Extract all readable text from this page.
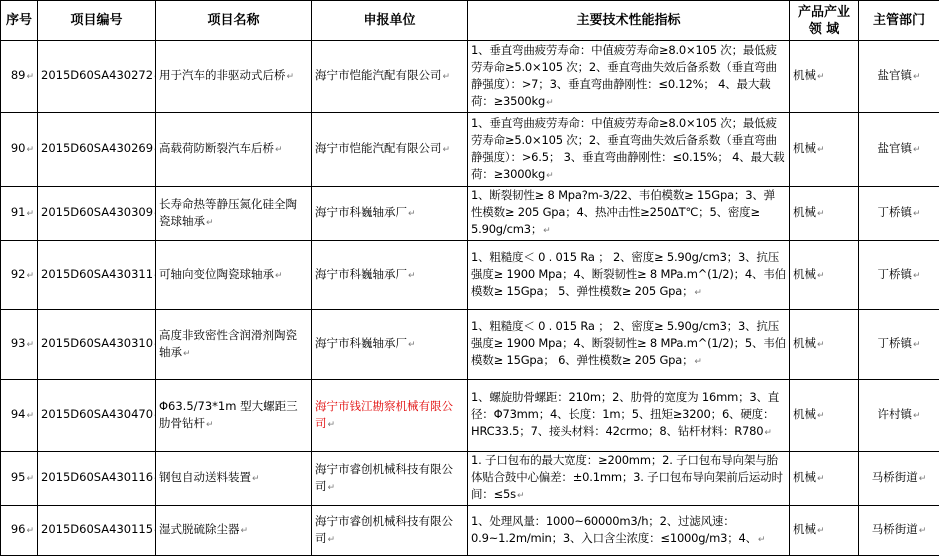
序号	项目编号	项目名称	申报单位	主要技术性能指标	产品产业领 域	主管部门
89↵	2015D60SA430272	用于汽车的非驱动式后桥↵	海宁市恺能汽配有限公司↵	1、垂直弯曲疲劳寿命：中值疲劳寿命≥8.0×105 次；最低疲劳寿命≥5.0×105 次；2、垂直弯曲失效后备系数（垂直弯曲静强度）：>7；3、垂直弯曲静刚性：≤0.12%； 4、最大载荷：≥3500kg↵	机械↵	盐官镇↵
90↵	2015D60SA430269	高载荷防断裂汽车后桥↵	海宁市恺能汽配有限公司↵	1、垂直弯曲疲劳寿命：中值疲劳寿命≥8.0×105 次；最低疲劳寿命≥5.0×105 次；2、垂直弯曲失效后备系数（垂直弯曲静强度）：>6.5； 3、垂直弯曲静刚性：≤0.15%； 4、最大载荷：≥3000kg↵	机械↵	盐官镇↵
91↵	2015D60SA430309	长寿命热等静压氮化硅全陶瓷球轴承↵	海宁市科巍轴承厂↵	1、断裂韧性≥ 8 Mpa?m-3/22、韦伯模数≥ 15Gpa；3、弹性模数≥ 205 Gpa；4、热冲击性≥250ΔT℃；5、密度≥ 5.90g/cm3；↵	机械↵	丁桥镇↵
92↵	2015D60SA430311	可轴向变位陶瓷球轴承↵	海宁市科巍轴承厂↵	1、粗糙度＜ 0 . 015 Ra ； 2、密度≥ 5.90g/cm3；3、抗压强度≥ 1900 Mpa；4、断裂韧性≥ 8 MPa.m^(1/2)；4、韦伯模数≥ 15Gpa； 5、弹性模数≥ 205 Gpa；↵	机械↵	丁桥镇↵
93↵	2015D60SA430310	高度非致密性含润滑剂陶瓷轴承↵	海宁市科巍轴承厂↵	1、粗糙度＜ 0 . 015 Ra ； 2、密度≥ 5.90g/cm3；3、抗压强度≥ 1900 Mpa；4、断裂韧性≥ 8 MPa.m^(1/2)；5、韦伯模数≥ 15Gpa； 6、弹性模数≥ 205 Gpa；↵	机械↵	丁桥镇↵
94↵	2015D60SA430470	Φ63.5/73*1m 型大螺距三肋骨钻杆↵	海宁市钱江勘察机械有限公司↵	1、螺旋肋骨螺距：210m；2、肋骨的宽度为 16mm；3、直径：Φ73mm；4、长度：1m；5、扭矩≥3200；6、硬度：HRC33.5；7、接头材料：42crmo；8、钻杆材料：R780↵	机械↵	许村镇↵
95↵	2015D60SA430116	钢包自动送料装置↵	海宁市睿创机械科技有限公司↵	1. 子口包布的最大宽度：≥200mm；2. 子口包布导向架与胎体贴合鼓中心偏差：±0.1mm；3. 子口包布导向架前后运动时间：≤5s↵	机械↵	马桥街道↵
96↵	2015D60SA430115	湿式脱硫除尘器↵	海宁市睿创机械科技有限公司↵	1、处理风量：1000~60000m3/h；2、过滤风速：0.9~1.2m/min；3、入口含尘浓度：≤1000g/m3；4、↵	机械↵	马桥街道↵
